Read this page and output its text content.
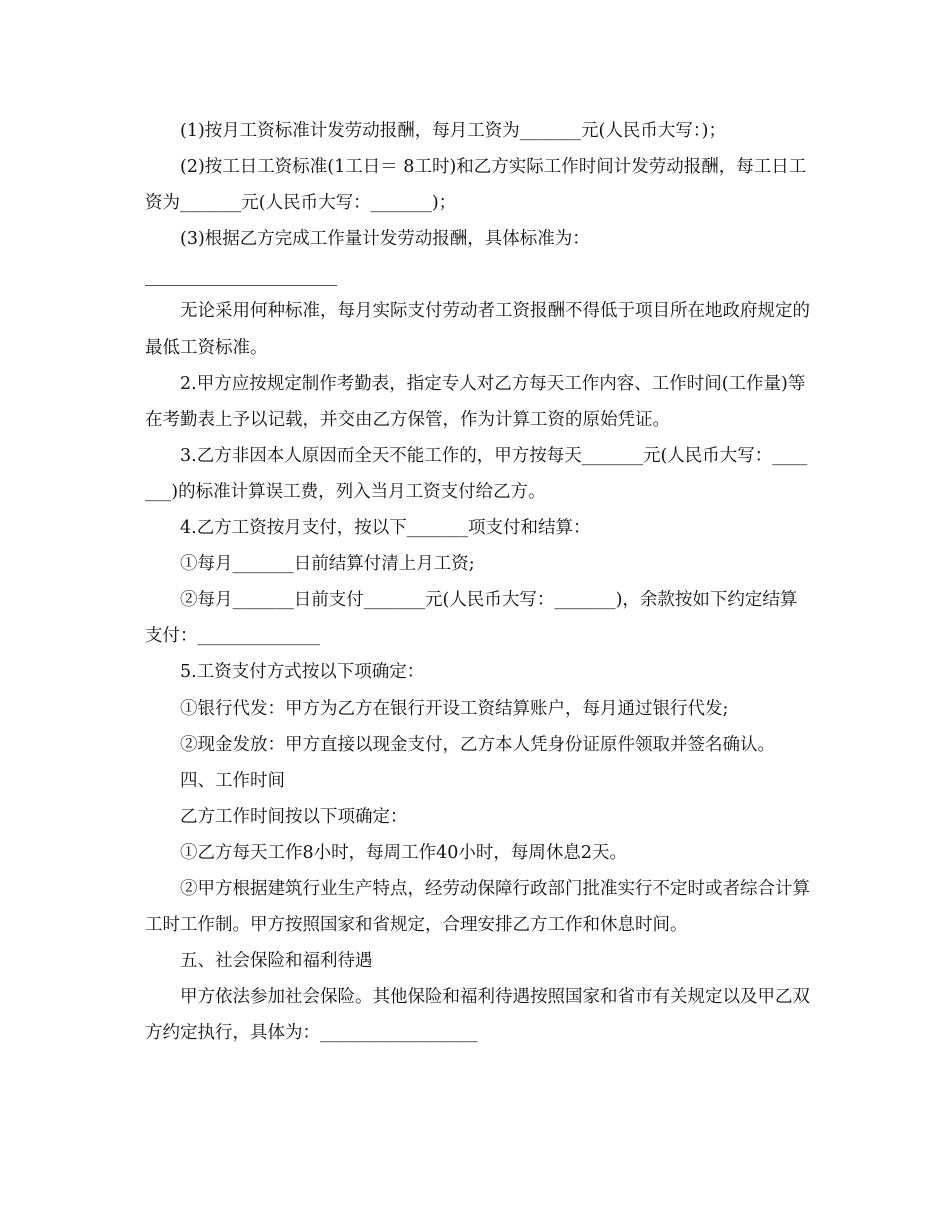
(1)按月工资标准计发劳动报酬，每月工资为_______元(人民币大写：)；

(2)按工日工资标准(1工日＝ 8工时)和乙方实际工作时间计发劳动报酬，每工日工资为_______元(人民币大写：_______)；

(3)根据乙方完成工作量计发劳动报酬，具体标准为：

无论采用何种标准，每月实际支付劳动者工资报酬不得低于项目所在地政府规定的最低工资标准。

2.甲方应按规定制作考勤表，指定专人对乙方每天工作内容、工作时间(工作量)等在考勤表上予以记载，并交由乙方保管，作为计算工资的原始凭证。

3.乙方非因本人原因而全天不能工作的，甲方按每天_______元(人民币大写：_______)的标准计算误工费，列入当月工资支付给乙方。

4.乙方工资按月支付，按以下_______项支付和结算：

①每月_______日前结算付清上月工资;

②每月_______日前支付_______元(人民币大写：_______)，余款按如下约定结算支付：______________

5.工资支付方式按以下项确定：

①银行代发：甲方为乙方在银行开设工资结算账户，每月通过银行代发;

②现金发放：甲方直接以现金支付，乙方本人凭身份证原件领取并签名确认。

四、工作时间

乙方工作时间按以下项确定：

①乙方每天工作8小时，每周工作40小时，每周休息2天。

②甲方根据建筑行业生产特点，经劳动保障行政部门批准实行不定时或者综合计算工时工作制。甲方按照国家和省规定，合理安排乙方工作和休息时间。

五、社会保险和福利待遇

甲方依法参加社会保险。其他保险和福利待遇按照国家和省市有关规定以及甲乙双方约定执行，具体为：__________________
